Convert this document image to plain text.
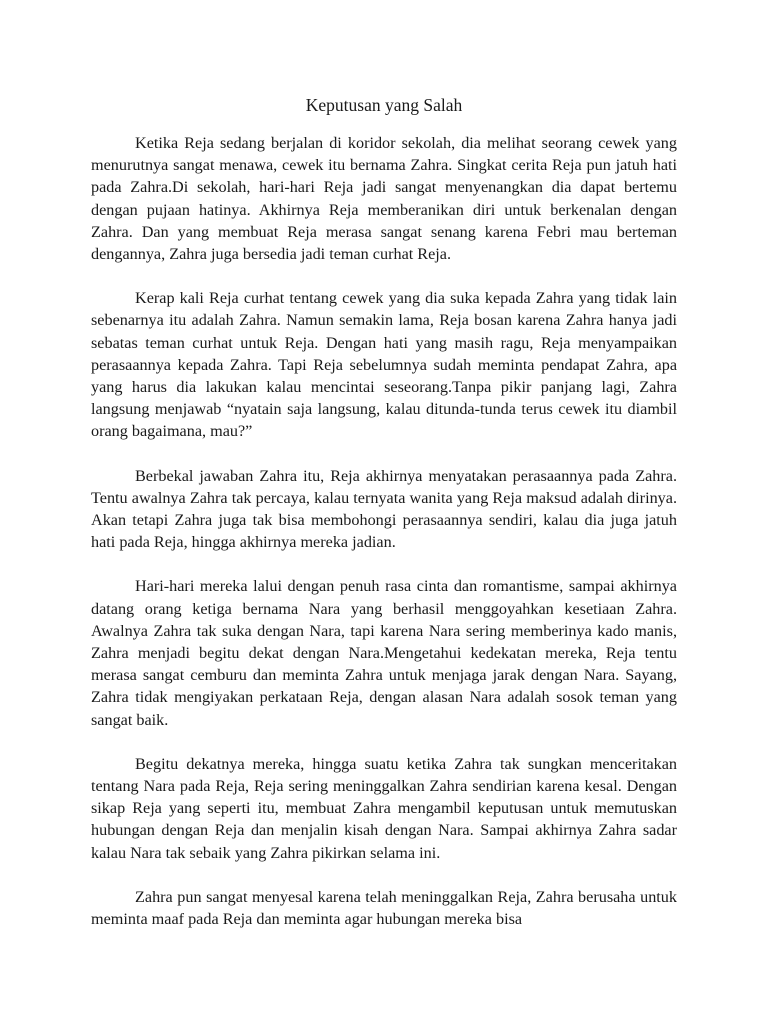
Keputusan yang Salah

Ketika Reja sedang berjalan di koridor sekolah, dia melihat seorang cewek yang menurutnya sangat menawa, cewek itu bernama Zahra. Singkat cerita Reja pun jatuh hati pada Zahra.Di sekolah, hari-hari Reja jadi sangat menyenangkan dia dapat bertemu dengan pujaan hatinya. Akhirnya Reja memberanikan diri untuk berkenalan dengan Zahra. Dan yang membuat Reja merasa sangat senang karena Febri mau berteman dengannya, Zahra juga bersedia jadi teman curhat Reja.

Kerap kali Reja curhat tentang cewek yang dia suka kepada Zahra yang tidak lain sebenarnya itu adalah Zahra. Namun semakin lama, Reja bosan karena Zahra hanya jadi sebatas teman curhat untuk Reja. Dengan hati yang masih ragu, Reja menyampaikan perasaannya kepada Zahra. Tapi Reja sebelumnya sudah meminta pendapat Zahra, apa yang harus dia lakukan kalau mencintai seseorang.Tanpa pikir panjang lagi, Zahra langsung menjawab “nyatain saja langsung, kalau ditunda-tunda terus cewek itu diambil orang bagaimana, mau?”

Berbekal jawaban Zahra itu, Reja akhirnya menyatakan perasaannya pada Zahra. Tentu awalnya Zahra tak percaya, kalau ternyata wanita yang Reja maksud adalah dirinya. Akan tetapi Zahra juga tak bisa membohongi perasaannya sendiri, kalau dia juga jatuh hati pada Reja, hingga akhirnya mereka jadian.

Hari-hari mereka lalui dengan penuh rasa cinta dan romantisme, sampai akhirnya datang orang ketiga bernama Nara yang berhasil menggoyahkan kesetiaan Zahra. Awalnya Zahra tak suka dengan Nara, tapi karena Nara sering memberinya kado manis, Zahra menjadi begitu dekat dengan Nara.Mengetahui kedekatan mereka, Reja tentu merasa sangat cemburu dan meminta Zahra untuk menjaga jarak dengan Nara. Sayang, Zahra tidak mengiyakan perkataan Reja, dengan alasan Nara adalah sosok teman yang sangat baik.

Begitu dekatnya mereka, hingga suatu ketika Zahra tak sungkan menceritakan tentang Nara pada Reja, Reja sering meninggalkan Zahra sendirian karena kesal. Dengan sikap Reja yang seperti itu, membuat Zahra mengambil keputusan untuk memutuskan hubungan dengan Reja dan menjalin kisah dengan Nara. Sampai akhirnya Zahra sadar kalau Nara tak sebaik yang Zahra pikirkan selama ini.

Zahra pun sangat menyesal karena telah meninggalkan Reja, Zahra berusaha untuk meminta maaf pada Reja dan meminta agar hubungan mereka bisa
